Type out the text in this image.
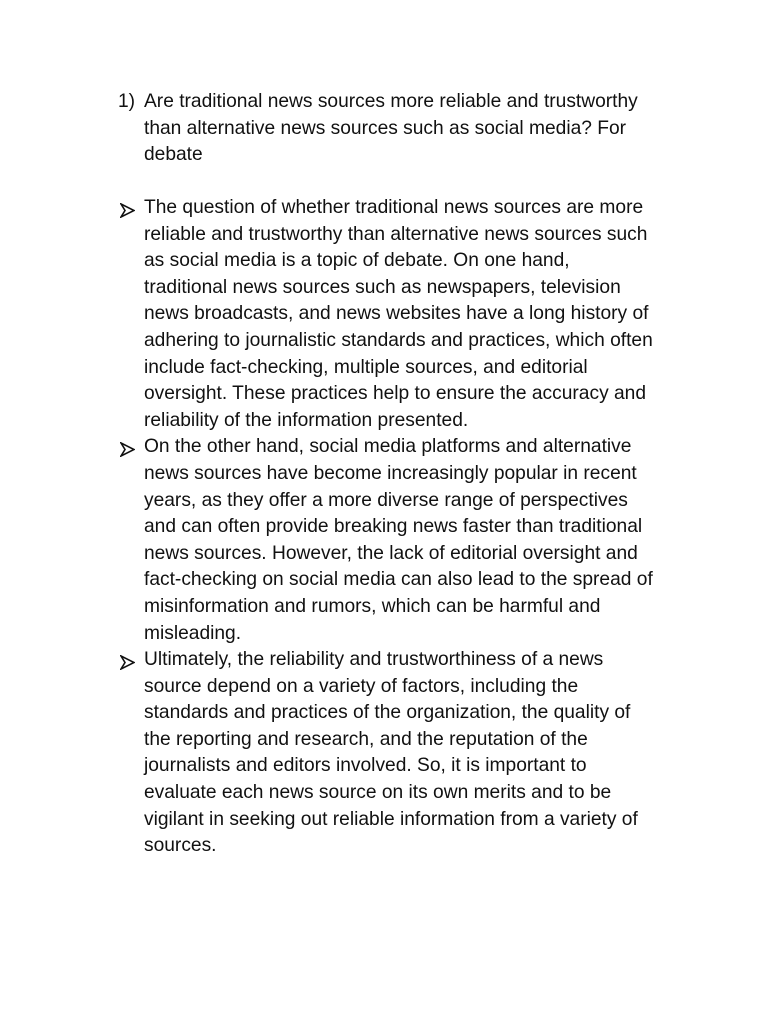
1) Are traditional news sources more reliable and trustworthy than alternative news sources such as social media? For debate
The question of whether traditional news sources are more reliable and trustworthy than alternative news sources such as social media is a topic of debate. On one hand, traditional news sources such as newspapers, television news broadcasts, and news websites have a long history of adhering to journalistic standards and practices, which often include fact-checking, multiple sources, and editorial oversight. These practices help to ensure the accuracy and reliability of the information presented.
On the other hand, social media platforms and alternative news sources have become increasingly popular in recent years, as they offer a more diverse range of perspectives and can often provide breaking news faster than traditional news sources. However, the lack of editorial oversight and fact-checking on social media can also lead to the spread of misinformation and rumors, which can be harmful and misleading.
Ultimately, the reliability and trustworthiness of a news source depend on a variety of factors, including the standards and practices of the organization, the quality of the reporting and research, and the reputation of the journalists and editors involved. So, it is important to evaluate each news source on its own merits and to be vigilant in seeking out reliable information from a variety of sources.
